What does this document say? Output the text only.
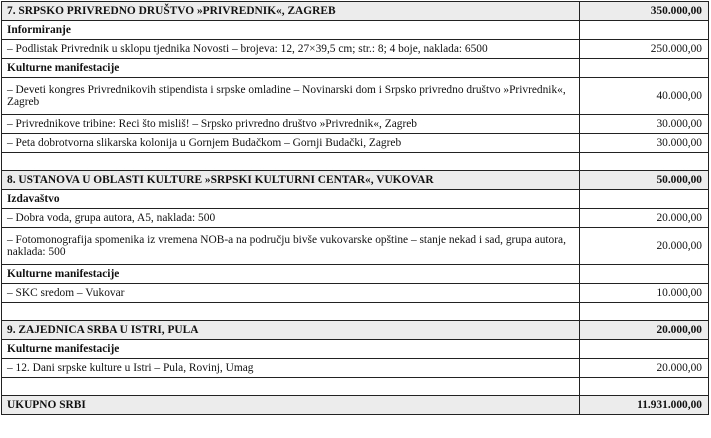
7. SRPSKO PRIVREDNO DRUŠTVO »PRIVREDNIK«, ZAGREB	350.000,00
Informiranje	
– Podlistak Privrednik u sklopu tjednika Novosti – brojeva: 12, 27×39,5 cm; str.: 8; 4 boje, naklada: 6500	250.000,00
Kulturne manifestacije	
– Deveti kongres Privrednikovih stipendista i srpske omladine – Novinarski dom i Srpsko privredno društvo »Privrednik«, Zagreb	40.000,00
– Privrednikove tribine: Reci što misliš! – Srpsko privredno društvo »Privrednik«, Zagreb	30.000,00
– Peta dobrotvorna slikarska kolonija u Gornjem Budačkom – Gornji Budački, Zagreb	30.000,00

8. USTANOVA U OBLASTI KULTURE »SRPSKI KULTURNI CENTAR«, VUKOVAR	50.000,00
Izdavaštvo	
– Dobra voda, grupa autora, A5, naklada: 500	20.000,00
– Fotomonografija spomenika iz vremena NOB-a na području bivše vukovarske opštine – stanje nekad i sad, grupa autora, naklada: 500	20.000,00
Kulturne manifestacije	
– SKC sredom – Vukovar	10.000,00

9. ZAJEDNICA SRBA U ISTRI, PULA	20.000,00
Kulturne manifestacije	
– 12. Dani srpske kulture u Istri – Pula, Rovinj, Umag	20.000,00

UKUPNO SRBI	11.931.000,00
